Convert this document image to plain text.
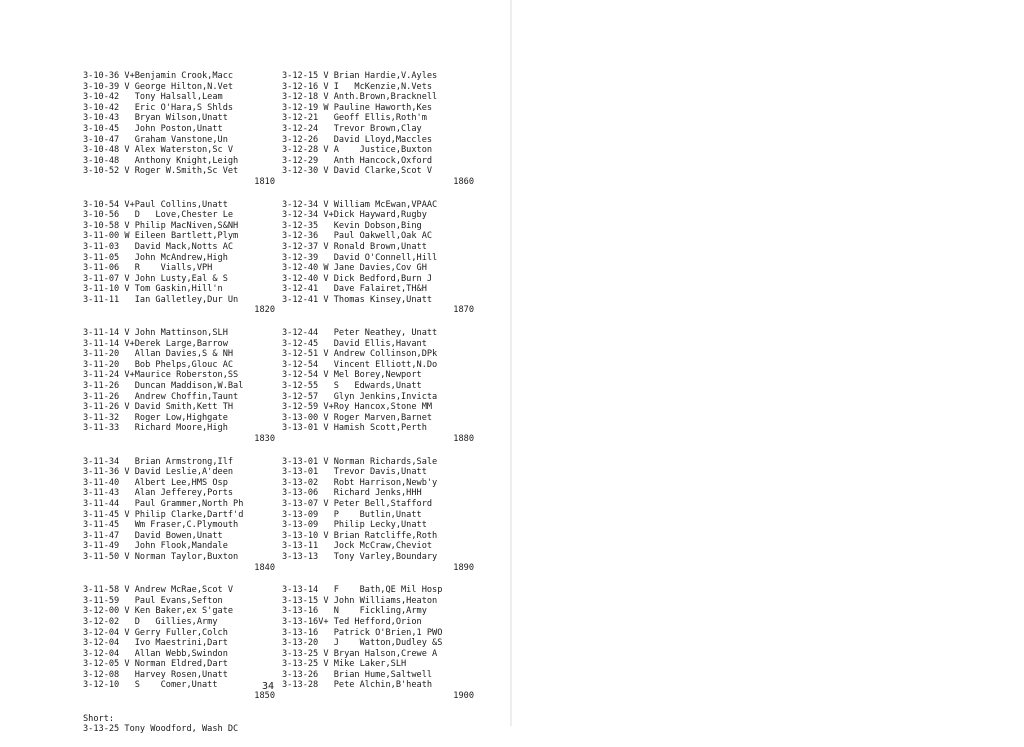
3-10-36 V+Benjamin Crook,Macc
3-10-39 V George Hilton,N.Vet
3-10-42   Tony Halsall,Leam
3-10-42   Eric O'Hara,S Shlds
3-10-43   Bryan Wilson,Unatt
3-10-45   John Poston,Unatt
3-10-47   Graham Vanstone,Un
3-10-48 V Alex Waterston,Sc V
3-10-48   Anthony Knight,Leigh
3-10-52 V Roger W.Smith,Sc Vet
1810
3-10-54 V+Paul Collins,Unatt
3-10-56   D   Love,Chester Le
3-10-58 V Philip MacNiven,S&NH
3-11-00 W Eileen Bartlett,Plym
3-11-03   David Mack,Notts AC
3-11-05   John McAndrew,High
3-11-06   R    Vialls,VPH
3-11-07 V John Lusty,Eal & S
3-11-10 V Tom Gaskin,Hill'n
3-11-11   Ian Galletley,Dur Un
1820
3-11-14 V John Mattinson,SLH
3-11-14 V+Derek Large,Barrow
3-11-20   Allan Davies,S & NH
3-11-20   Bob Phelps,Glouc AC
3-11-24 V+Maurice Roberston,SS
3-11-26   Duncan Maddison,W.Bal
3-11-26   Andrew Choffin,Taunt
3-11-26 V David Smith,Kett TH
3-11-32   Roger Low,Highgate
3-11-33   Richard Moore,High
1830
3-11-34   Brian Armstrong,Ilf
3-11-36 V David Leslie,A'deen
3-11-40   Albert Lee,HMS Osp
3-11-43   Alan Jefferey,Ports
3-11-44   Paul Grammer,North Ph
3-11-45 V Philip Clarke,Dartf'd
3-11-45   Wm Fraser,C.Plymouth
3-11-47   David Bowen,Unatt
3-11-49   John Flook,Mandale
3-11-50 V Norman Taylor,Buxton
1840
3-11-58 V Andrew McRae,Scot V
3-11-59   Paul Evans,Sefton
3-12-00 V Ken Baker,ex S'gate
3-12-02   D   Gillies,Army
3-12-04 V Gerry Fuller,Colch
3-12-04   Ivo Maestrini,Dart
3-12-04   Allan Webb,Swindon
3-12-05 V Norman Eldred,Dart
3-12-08   Harvey Rosen,Unatt
3-12-10   S    Comer,Unatt
1850
Short:
3-13-25 Tony Woodford, Wash DC
3-12-15 V Brian Hardie,V.Ayles
3-12-16 V I   McKenzie,N.Vets
3-12-18 V Anth.Brown,Bracknell
3-12-19 W Pauline Haworth,Kes
3-12-21   Geoff Ellis,Roth'm
3-12-24   Trevor Brown,Clay
3-12-26   David Lloyd,Maccles
3-12-28 V A    Justice,Buxton
3-12-29   Anth Hancock,Oxford
3-12-30 V David Clarke,Scot V
1860
3-12-34 V William McEwan,VPAAC
3-12-34 V+Dick Hayward,Rugby
3-12-35   Kevin Dobson,Bing
3-12-36   Paul Oakwell,Oak AC
3-12-37 V Ronald Brown,Unatt
3-12-39   David O'Connell,Hill
3-12-40 W Jane Davies,Cov GH
3-12-40 V Dick Bedford,Burn J
3-12-41   Dave Falairet,TH&H
3-12-41 V Thomas Kinsey,Unatt
1870
3-12-44   Peter Neathey, Unatt
3-12-45   David Ellis,Havant
3-12-51 V Andrew Collinson,DPk
3-12-54   Vincent Elliott,N.Do
3-12-54 V Mel Borey,Newport
3-12-55   S   Edwards,Unatt
3-12-57   Glyn Jenkins,Invicta
3-12-59 V+Roy Hancox,Stone MM
3-13-00 V Roger Marven,Barnet
3-13-01 V Hamish Scott,Perth
1880
3-13-01 V Norman Richards,Sale
3-13-01   Trevor Davis,Unatt
3-13-02   Robt Harrison,Newb'y
3-13-06   Richard Jenks,HHH
3-13-07 V Peter Bell,Stafford
3-13-09   P    Butlin,Unatt
3-13-09   Philip Lecky,Unatt
3-13-10 V Brian Ratcliffe,Roth
3-13-11   Jock McCraw,Cheviot
3-13-13   Tony Varley,Boundary
1890
3-13-14   F    Bath,QE Mil Hosp
3-13-15 V John Williams,Heaton
3-13-16   N    Fickling,Army
3-13-16V+ Ted Hefford,Orion
3-13-16   Patrick O'Brien,1 PWO
3-13-20   J    Watton,Dudley &S
3-13-25 V Bryan Halson,Crewe A
3-13-25 V Mike Laker,SLH
3-13-26   Brian Hume,Saltwell
3-13-28   Pete Alchin,B'heath
1900
34
